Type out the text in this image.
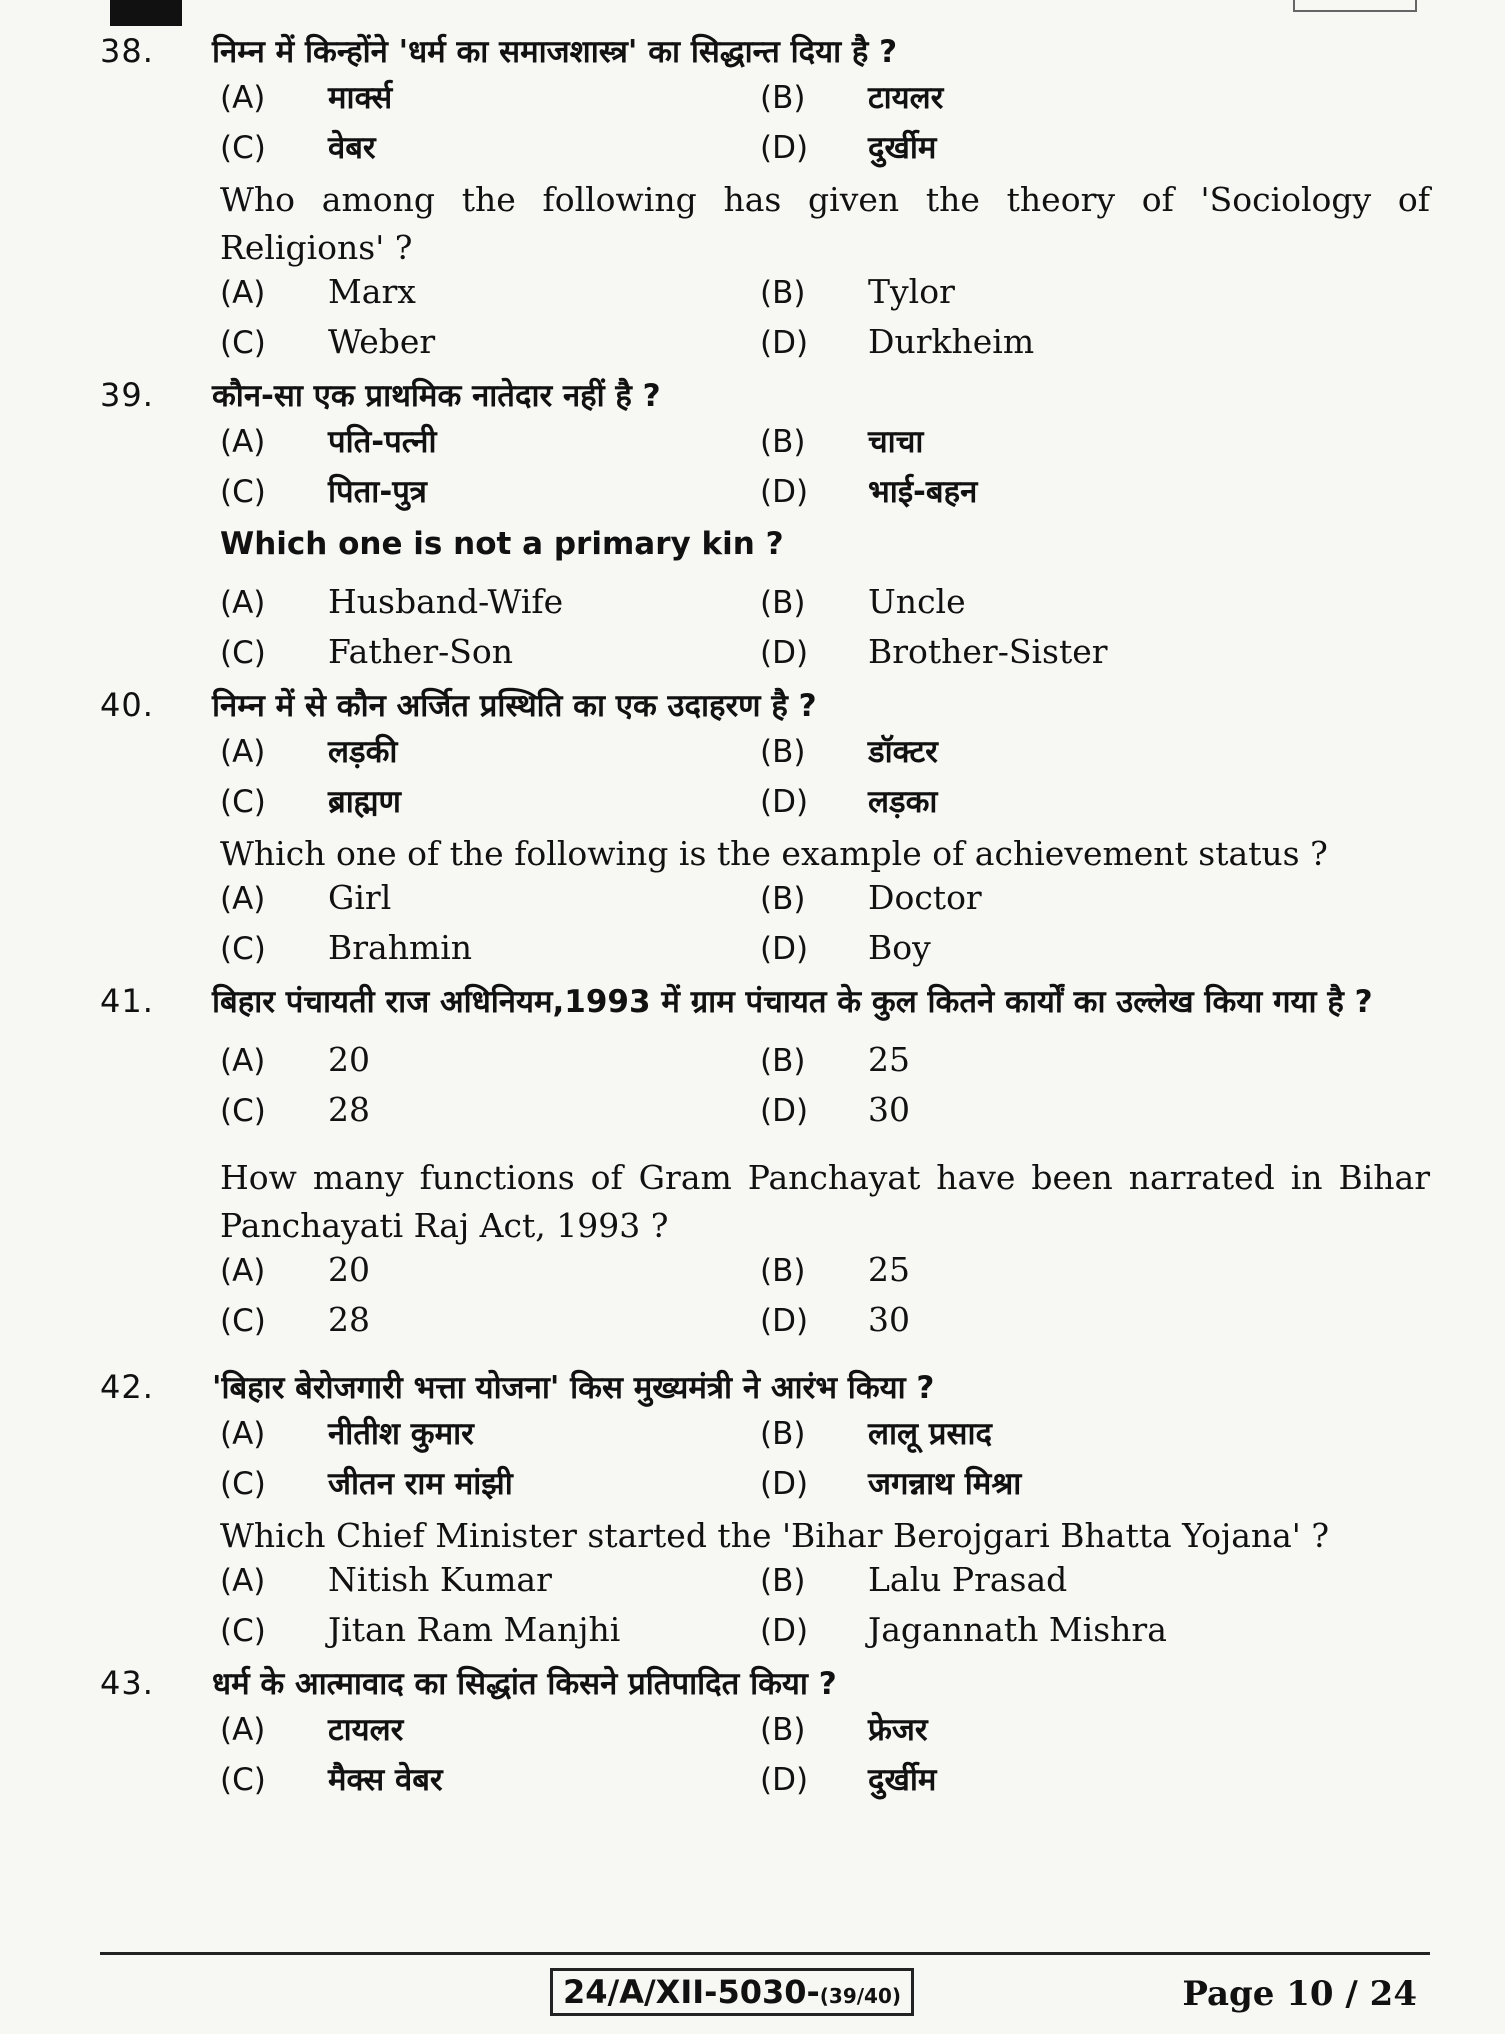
38.	निम्न में किन्होंने 'धर्म का समाजशास्त्र' का सिद्धान्त दिया है ?
(A)	मार्क्स	(B)	टायलर
(C)	वेबर	(D)	दुर्खीम
Who among the following has given the theory of 'Sociology of Religions' ?
(A)	Marx	(B)	Tylor
(C)	Weber	(D)	Durkheim
39.	कौन-सा एक प्राथमिक नातेदार नहीं है ?
(A)	पति-पत्नी	(B)	चाचा
(C)	पिता-पुत्र	(D)	भाई-बहन
Which one is not a primary kin ?
(A)	Husband-Wife	(B)	Uncle
(C)	Father-Son	(D)	Brother-Sister
40.	निम्न में से कौन अर्जित प्रस्थिति का एक उदाहरण है ?
(A)	लड़की	(B)	डॉक्टर
(C)	ब्राह्मण	(D)	लड़का
Which one of the following is the example of achievement status ?
(A)	Girl	(B)	Doctor
(C)	Brahmin	(D)	Boy
41.	बिहार पंचायती राज अधिनियम,1993 में ग्राम पंचायत के कुल कितने कार्यों का उल्लेख किया गया है ?
(A)	20	(B)	25
(C)	28	(D)	30
How many functions of Gram Panchayat have been narrated in Bihar Panchayati Raj Act, 1993 ?
(A)	20	(B)	25
(C)	28	(D)	30
42.	'बिहार बेरोजगारी भत्ता योजना' किस मुख्यमंत्री ने आरंभ किया ?
(A)	नीतीश कुमार	(B)	लालू प्रसाद
(C)	जीतन राम मांझी	(D)	जगन्नाथ मिश्रा
Which Chief Minister started the 'Bihar Berojgari Bhatta Yojana' ?
(A)	Nitish Kumar	(B)	Lalu Prasad
(C)	Jitan Ram Manjhi	(D)	Jagannath Mishra
43.	धर्म के आत्मावाद का सिद्धांत किसने प्रतिपादित किया ?
(A)	टायलर	(B)	फ्रेजर
(C)	मैक्स वेबर	(D)	दुर्खीम
24/A/XII-5030-(39/40)	Page 10 / 24
